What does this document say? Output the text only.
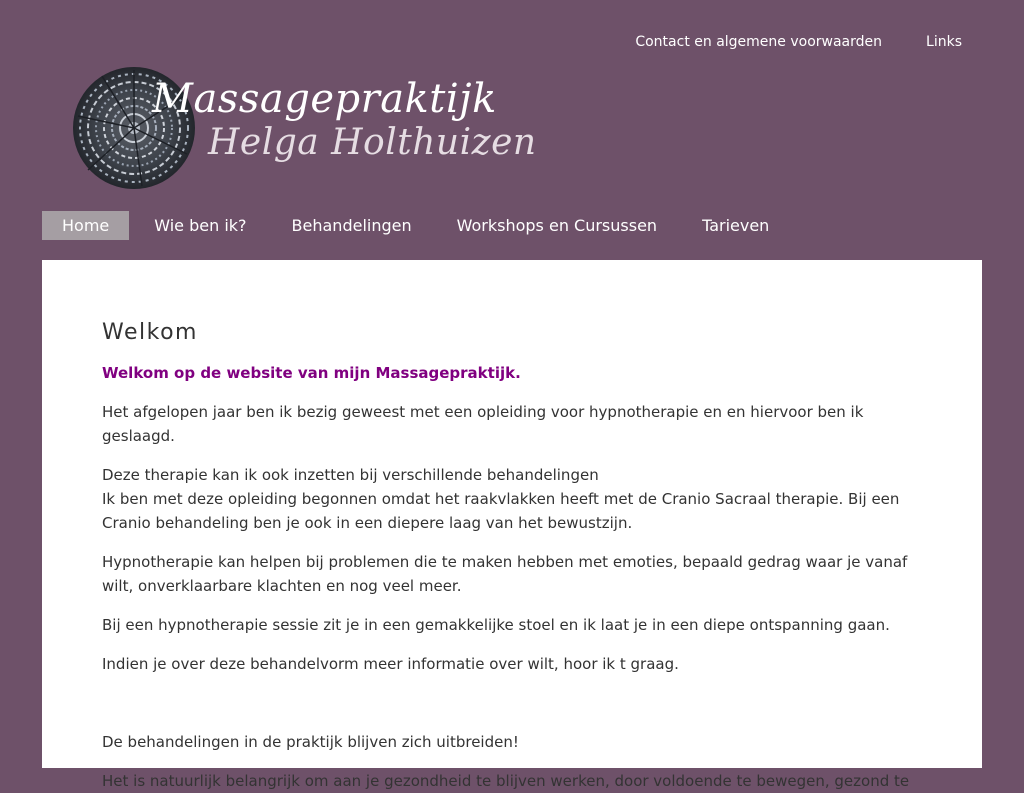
Contact en algemene voorwaarden	Links
Massagepraktijk
Helga Holthuizen
Home	Wie ben ik?	Behandelingen	Workshops en Cursussen	Tarieven
Welkom

Welkom op de website van mijn Massagepraktijk.

Het afgelopen jaar ben ik bezig geweest met een opleiding voor hypnotherapie en en hiervoor ben ik geslaagd.

Deze therapie kan ik ook inzetten bij verschillende behandelingen
Ik ben met deze opleiding begonnen omdat het raakvlakken heeft met de Cranio Sacraal therapie. Bij een Cranio behandeling ben je ook in een diepere laag van het bewustzijn.

Hypnotherapie kan helpen bij problemen die te maken hebben met emoties, bepaald gedrag waar je vanaf wilt, onverklaarbare klachten en nog veel meer.

Bij een hypnotherapie sessie zit je in een gemakkelijke stoel en ik laat je in een diepe ontspanning gaan.

Indien je over deze behandelvorm meer informatie over wilt, hoor ik t graag.

De behandelingen in de praktijk blijven zich uitbreiden!

Het is natuurlijk belangrijk om aan je gezondheid te blijven werken, door voldoende te bewegen, gezond te
